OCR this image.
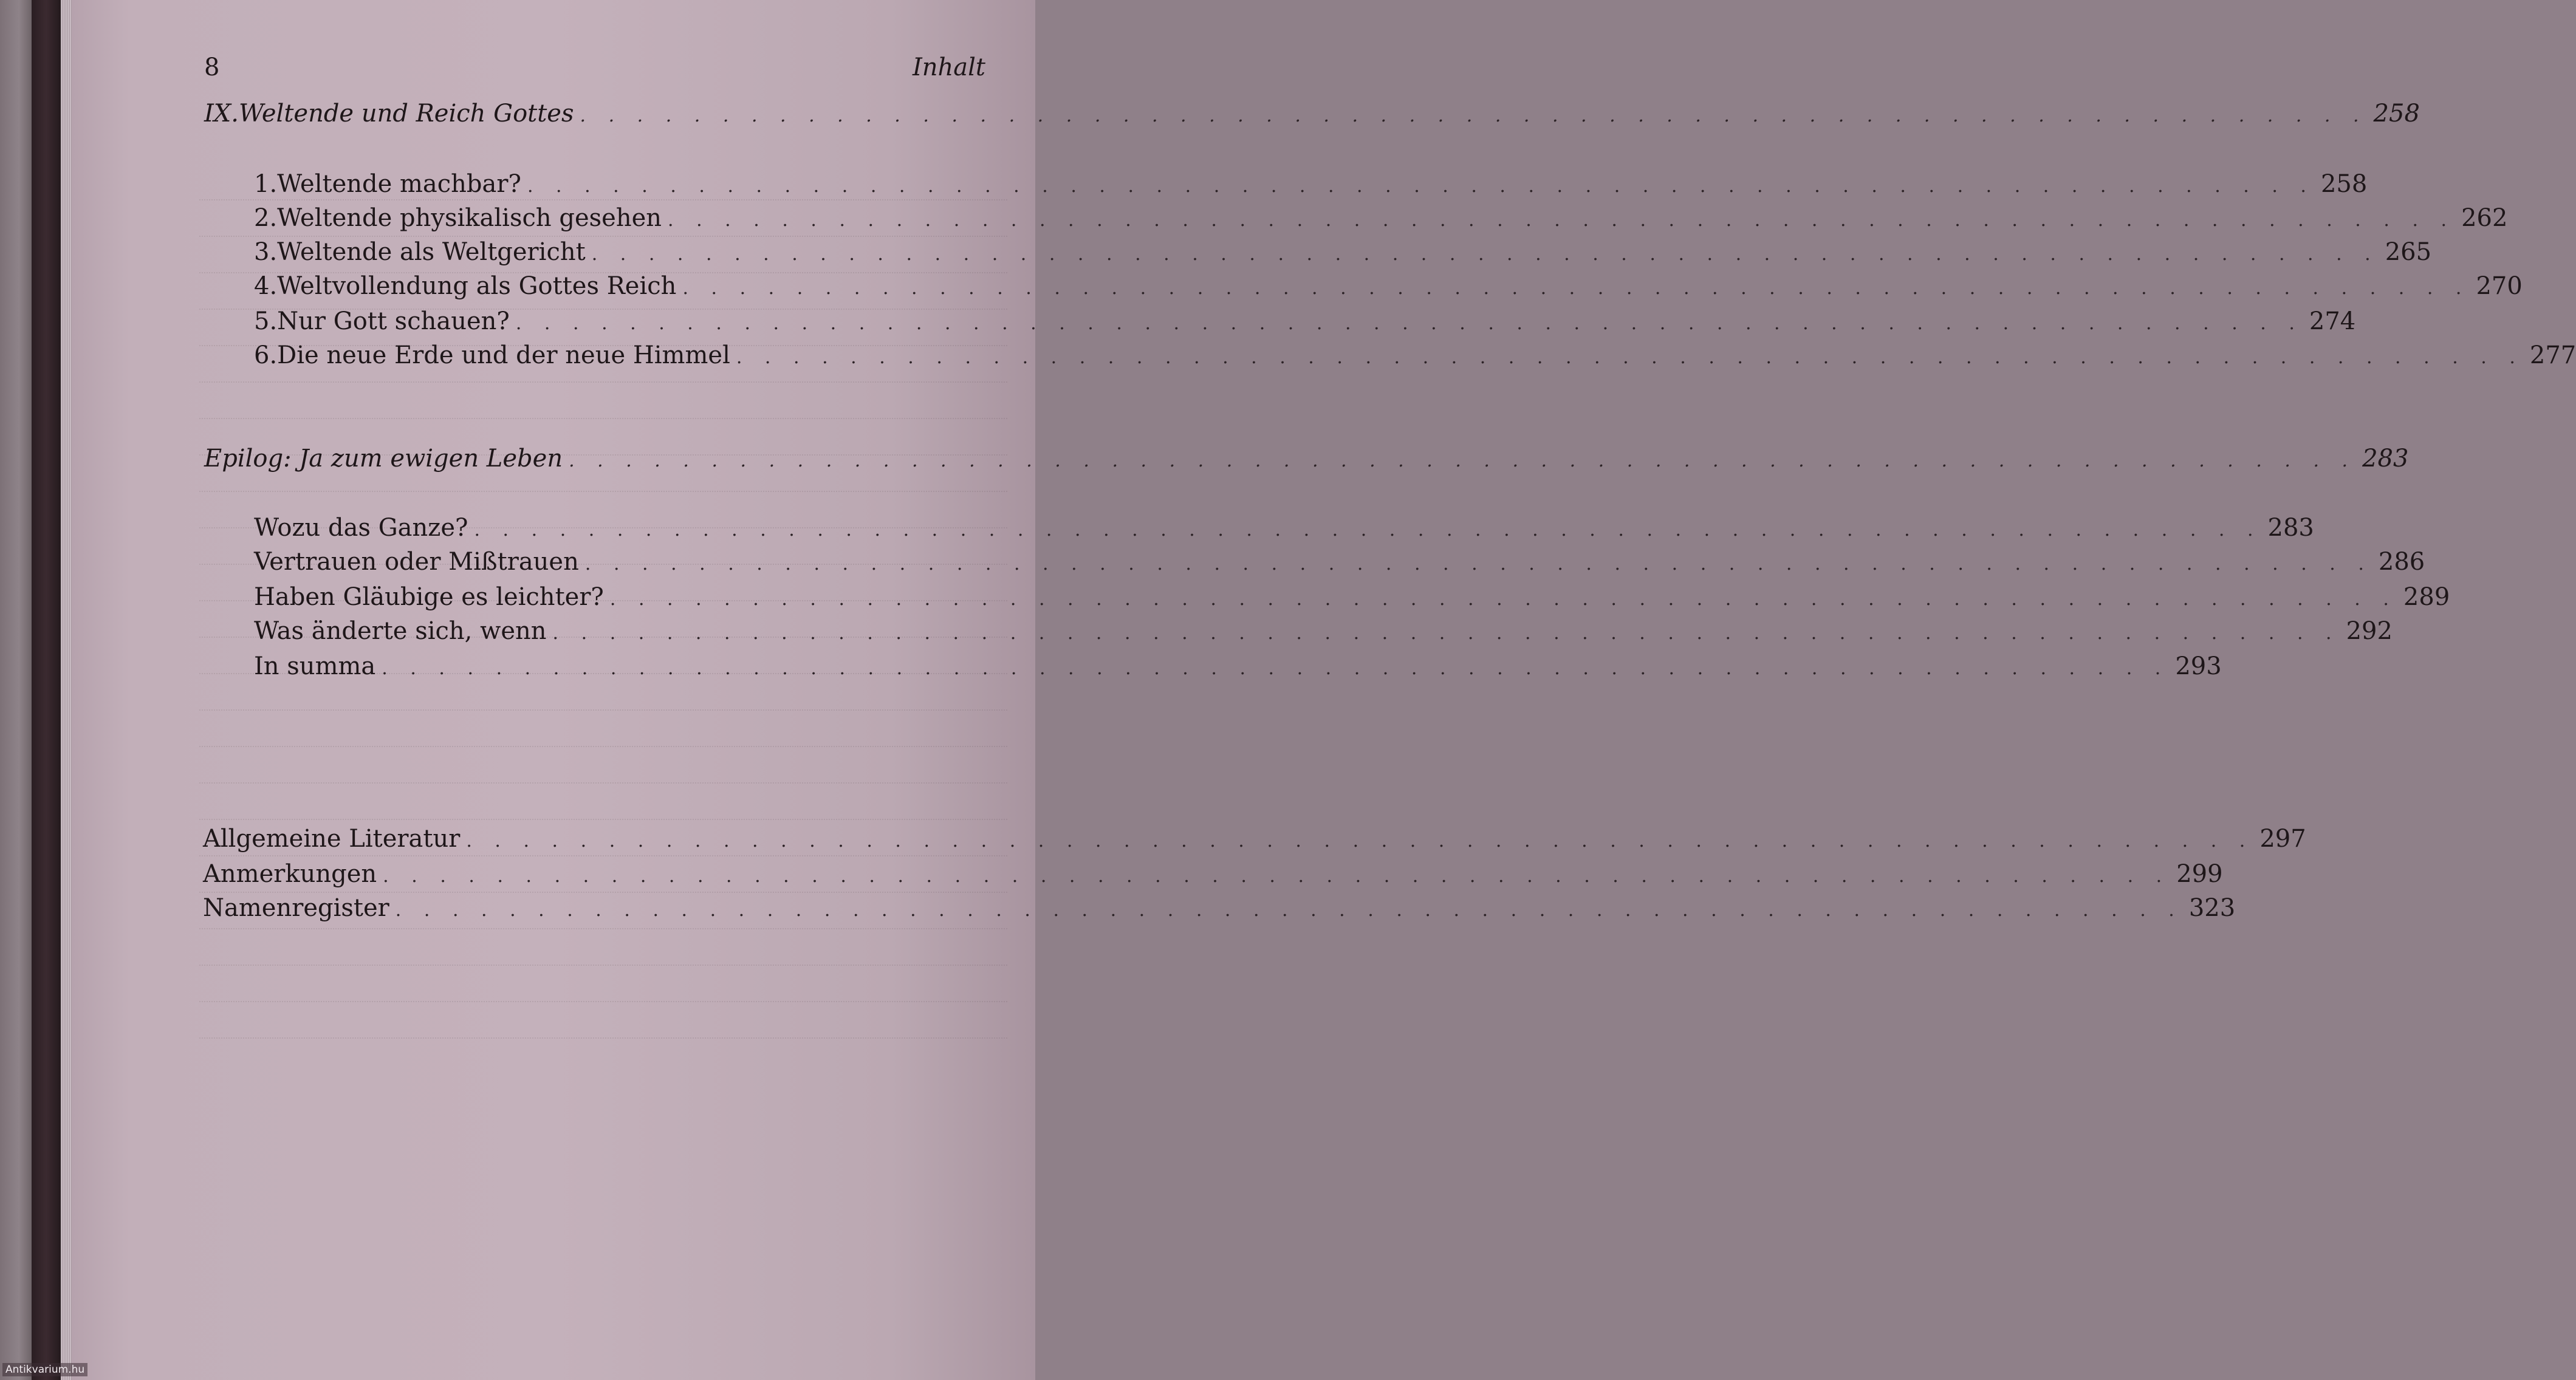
8	Inhalt
IX. Weltende und Reich Gottes . . . . . . . . . . . . . . . . . . . . . . . . . . . . . . . . . . . . . . . . . . . . . . . . . . . . . . . . . . . . . . . 258
1. Weltende machbar? . . . . . . . . . . . . . . . . . . . . . . . . . . . . . . . . . . . . . . . . . . . . . . . . . . . . . . . . . . . . . . . 258
2. Weltende physikalisch gesehen . . . . . . . . . . . . . . . . . . . . . . . . . . . . . . . . . . . . . . . . . . . . . . . . . . . . . . . . . . . . . . . 262
3. Weltende als Weltgericht . . . . . . . . . . . . . . . . . . . . . . . . . . . . . . . . . . . . . . . . . . . . . . . . . . . . . . . . . . . . . . . 265
4. Weltvollendung als Gottes Reich . . . . . . . . . . . . . . . . . . . . . . . . . . . . . . . . . . . . . . . . . . . . . . . . . . . . . . . . . . . . . . . 270
5. Nur Gott schauen? . . . . . . . . . . . . . . . . . . . . . . . . . . . . . . . . . . . . . . . . . . . . . . . . . . . . . . . . . . . . . . . 274
6. Die neue Erde und der neue Himmel . . . . . . . . . . . . . . . . . . . . . . . . . . . . . . . . . . . . . . . . . . . . . . . . . . . . . . . . . . . . . . . 277
Epilog: Ja zum ewigen Leben . . . . . . . . . . . . . . . . . . . . . . . . . . . . . . . . . . . . . . . . . . . . . . . . . . . . . . . . . . . . . . . 283
Wozu das Ganze? . . . . . . . . . . . . . . . . . . . . . . . . . . . . . . . . . . . . . . . . . . . . . . . . . . . . . . . . . . . . . . . 283
Vertrauen oder Mißtrauen . . . . . . . . . . . . . . . . . . . . . . . . . . . . . . . . . . . . . . . . . . . . . . . . . . . . . . . . . . . . . . . 286
Haben Gläubige es leichter? . . . . . . . . . . . . . . . . . . . . . . . . . . . . . . . . . . . . . . . . . . . . . . . . . . . . . . . . . . . . . . . 289
Was änderte sich, wenn . . . . . . . . . . . . . . . . . . . . . . . . . . . . . . . . . . . . . . . . . . . . . . . . . . . . . . . . . . . . . . . 292
In summa . . . . . . . . . . . . . . . . . . . . . . . . . . . . . . . . . . . . . . . . . . . . . . . . . . . . . . . . . . . . . . . 293
Allgemeine Literatur . . . . . . . . . . . . . . . . . . . . . . . . . . . . . . . . . . . . . . . . . . . . . . . . . . . . . . . . . . . . . . . 297
Anmerkungen . . . . . . . . . . . . . . . . . . . . . . . . . . . . . . . . . . . . . . . . . . . . . . . . . . . . . . . . . . . . . . . 299
Namenregister . . . . . . . . . . . . . . . . . . . . . . . . . . . . . . . . . . . . . . . . . . . . . . . . . . . . . . . . . . . . . . . 323
Antikvarium.hu
